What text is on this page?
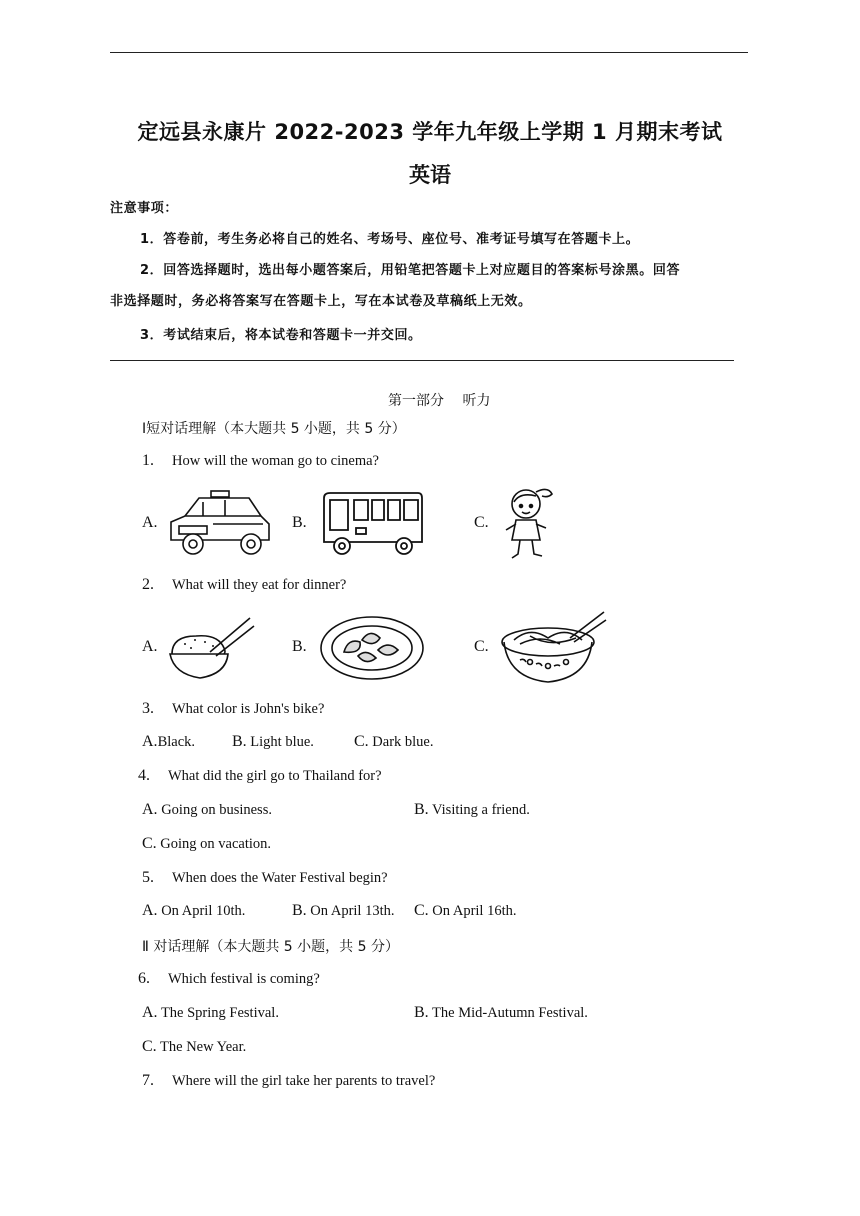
定远县永康片 2022-2023 学年九年级上学期 1 月期末考试
英语
注意事项：
1．答卷前，考生务必将自己的姓名、考场号、座位号、准考证号填写在答题卡上。
2．回答选择题时，选出每小题答案后，用铅笔把答题卡上对应题目的答案标号涂黑。回答
非选择题时，务必将答案写在答题卡上，写在本试卷及草稿纸上无效。
3．考试结束后，将本试卷和答题卡一并交回。
第一部分　 听力
Ⅰ短对话理解（本大题共 5 小题，共 5 分）
1. How will the woman go to cinema?
A.	B.	C.
2. What will they eat for dinner?
A.	B.	C.
3. What color is John's bike?
A.Black. B. Light blue.	C. Dark blue.
4. What did the girl go to Thailand for?
A. Going on business.	B. Visiting a friend.
C. Going on vacation.
5. When does the Water Festival begin?
A. On April 10th.	B. On April 13th. C. On April 16th.
Ⅱ 对话理解（本大题共 5 小题，共 5 分）
6. Which festival is coming?
A. The Spring Festival.	B. The Mid-Autumn Festival.
C. The New Year.
7. Where will the girl take her parents to travel?
